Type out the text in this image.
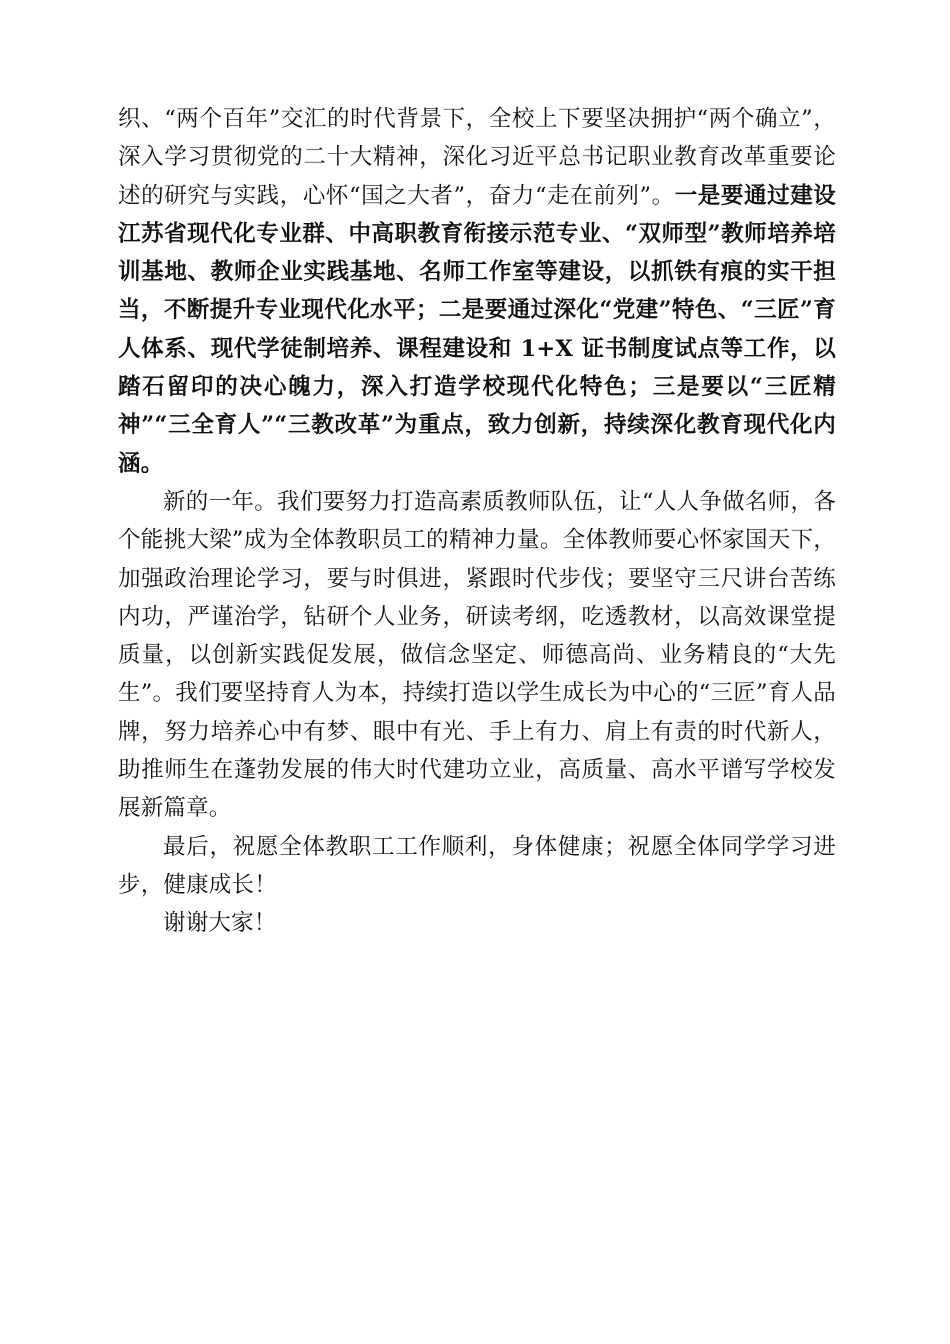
织、“两个百年”交汇的时代背景下，全校上下要坚决拥护“两个确立”，深入学习贯彻党的二十大精神，深化习近平总书记职业教育改革重要论述的研究与实践，心怀“国之大者”，奋力“走在前列”。一是要通过建设江苏省现代化专业群、中高职教育衔接示范专业、“双师型”教师培养培训基地、教师企业实践基地、名师工作室等建设，以抓铁有痕的实干担当，不断提升专业现代化水平；二是要通过深化“党建”特色、“三匠”育人体系、现代学徒制培养、课程建设和 1+X 证书制度试点等工作，以踏石留印的决心魄力，深入打造学校现代化特色；三是要以“三匠精神”“三全育人”“三教改革”为重点，致力创新，持续深化教育现代化内涵。

新的一年。我们要努力打造高素质教师队伍，让“人人争做名师，各个能挑大梁”成为全体教职员工的精神力量。全体教师要心怀家国天下，加强政治理论学习，要与时俱进，紧跟时代步伐；要坚守三尺讲台苦练内功，严谨治学，钻研个人业务，研读考纲，吃透教材，以高效课堂提质量，以创新实践促发展，做信念坚定、师德高尚、业务精良的“大先生”。我们要坚持育人为本，持续打造以学生成长为中心的“三匠”育人品牌，努力培养心中有梦、眼中有光、手上有力、肩上有责的时代新人，助推师生在蓬勃发展的伟大时代建功立业，高质量、高水平谱写学校发展新篇章。

最后，祝愿全体教职工工作顺利，身体健康；祝愿全体同学学习进步，健康成长！

谢谢大家！
